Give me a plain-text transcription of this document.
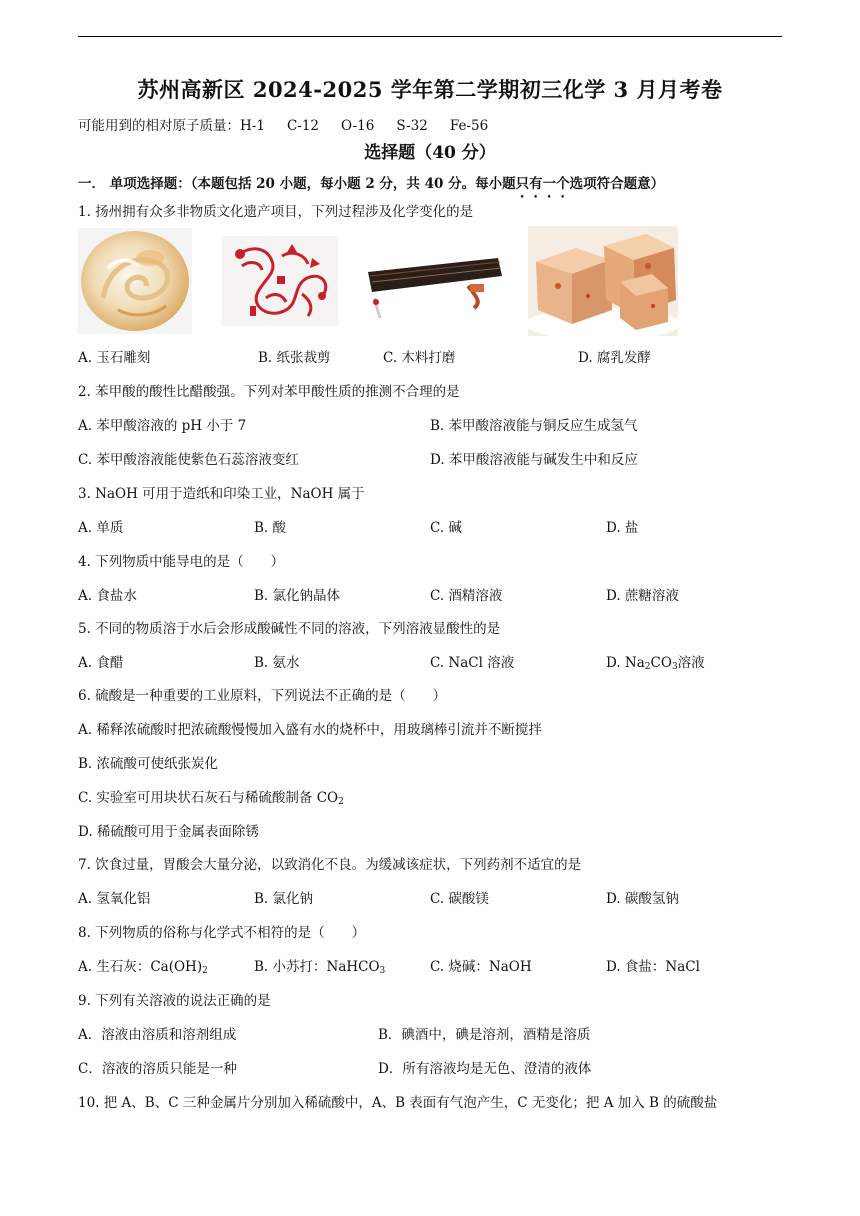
苏州高新区 2024-2025 学年第二学期初三化学 3 月月考卷
可能用到的相对原子质量：H-1 C-12 O-16 S-32 Fe-56
选择题（40 分）
一． 单项选择题：（本题包括 20 小题，每小题 2 分，共 40 分。每小题只有一个选项符合题意）
1. 扬州拥有众多非物质文化遗产项目，下列过程涉及化学变化的是
A. 玉石雕刻	B. 纸张裁剪	C. 木料打磨	D. 腐乳发酵
2. 苯甲酸的酸性比醋酸强。下列对苯甲酸性质的推测不合理的是
A. 苯甲酸溶液的 pH 小于 7	B. 苯甲酸溶液能与铜反应生成氢气
C. 苯甲酸溶液能使紫色石蕊溶液变红	D. 苯甲酸溶液能与碱发生中和反应
3. NaOH 可用于造纸和印染工业，NaOH 属于
A. 单质	B. 酸	C. 碱	D. 盐
4. 下列物质中能导电的是（　　）
A. 食盐水	B. 氯化钠晶体	C. 酒精溶液	D. 蔗糖溶液
5. 不同的物质溶于水后会形成酸碱性不同的溶液，下列溶液显酸性的是
A. 食醋	B. 氨水	C. NaCl 溶液	D. $Na_2CO_3$溶液
6. 硫酸是一种重要的工业原料，下列说法不正确的是（　　）
A. 稀释浓硫酸时把浓硫酸慢慢加入盛有水的烧杯中，用玻璃棒引流并不断搅拌
B. 浓硫酸可使纸张炭化
C. 实验室可用块状石灰石与稀硫酸制备 $CO_2$
D. 稀硫酸可用于金属表面除锈
7. 饮食过量，胃酸会大量分泌，以致消化不良。为缓减该症状，下列药剂不适宜的是
A. 氢氧化铝	B. 氯化钠	C. 碳酸镁	D. 碳酸氢钠
8. 下列物质的俗称与化学式不相符的是（　　）
A. 生石灰：$Ca(OH)_2$	B. 小苏打：NaHCO$_3$	C. 烧碱：NaOH	D. 食盐：NaCl
9. 下列有关溶液的说法正确的是
A．溶液由溶质和溶剂组成	B．碘酒中，碘是溶剂，酒精是溶质
C．溶液的溶质只能是一种	D．所有溶液均是无色、澄清的液体
10. 把 A、B、C 三种金属片分别加入稀硫酸中，A、B 表面有气泡产生，C 无变化；把 A 加入 B 的硫酸盐
